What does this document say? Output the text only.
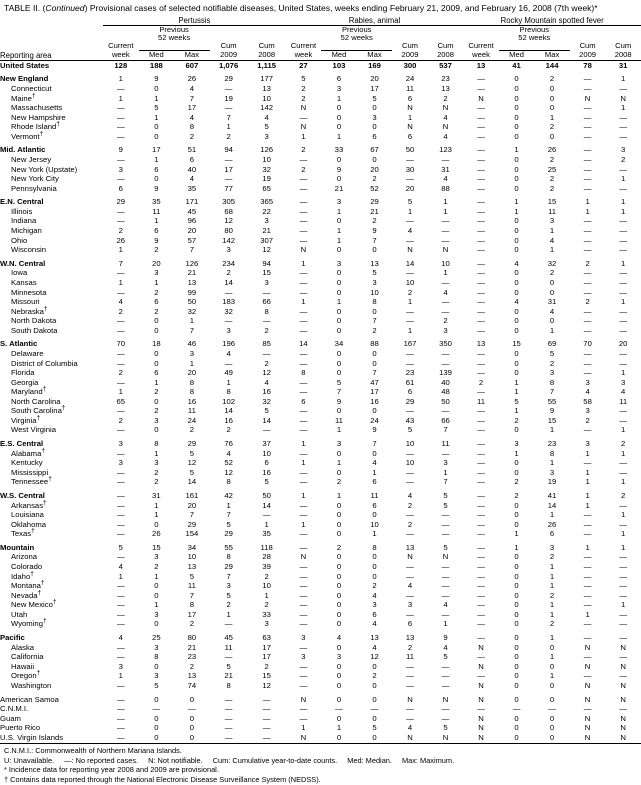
TABLE II. (Continued) Provisional cases of selected notifiable diseases, United States, weeks ending February 21, 2009, and February 16, 2008 (7th week)*
	Pertussis					Rabies, animal					Rocky Mountain spotted fever				
		Previous
52 weeks					Previous
52 weeks					Previous
52 weeks			
	Current			Cum	Cum	Current			Cum	Cum	Current			Cum	Cum
Reporting area	week	Med	Max	2009	2008	week	Med	Max	2009	2008	week	Med	Max	2009	2008

United States	128	188	607	1,076	1,115	27	103	169	300	537	13	41	144	78	31

New England	1	9	26	29	177	5	6	20	24	23	—	0	2	—	1
Connecticut	—	0	4	—	13	2	3	17	11	13	—	0	0	—	—
Maine†	1	1	7	19	10	2	1	5	6	2	N	0	0	N	N
Massachusetts	—	5	17	—	142	N	0	0	N	N	—	0	0	—	1
New Hampshire	—	1	4	7	4	—	0	3	1	4	—	0	1	—	—
Rhode Island†	—	0	8	1	5	N	0	0	N	N	—	0	2	—	—
Vermont†	—	0	2	2	3	1	1	6	6	4	—	0	0	—	—

Mid. Atlantic	9	17	51	94	126	2	33	67	50	123	—	1	26	—	3
New Jersey	—	1	6	—	10	—	0	0	—	—	—	0	2	—	2
New York (Upstate)	3	6	40	17	32	2	9	20	30	31	—	0	25	—	—
New York City	—	0	4	—	19	—	0	2	—	4	—	0	2	—	1
Pennsylvania	6	9	35	77	65	—	21	52	20	88	—	0	2	—	—

E.N. Central	29	35	171	305	365	—	3	29	5	1	—	1	15	1	1
Illinois	—	11	45	68	22	—	1	21	1	1	—	1	11	1	1
Indiana	—	1	96	12	3	—	0	2	—	—	—	0	3	—	—
Michigan	2	6	20	80	21	—	1	9	4	—	—	0	1	—	—
Ohio	26	9	57	142	307	—	1	7	—	—	—	0	4	—	—
Wisconsin	1	2	7	3	12	N	0	0	N	N	—	0	1	—	—

W.N. Central	7	20	126	234	94	1	3	13	14	10	—	4	32	2	1
Iowa	—	3	21	2	15	—	0	5	—	1	—	0	2	—	—
Kansas	1	1	13	14	3	—	0	3	10	—	—	0	0	—	—
Minnesota	—	2	99	—	—	—	0	10	2	4	—	0	0	—	—
Missouri	4	6	50	183	66	1	1	8	1	—	—	4	31	2	1
Nebraska†	2	2	32	32	8	—	0	0	—	—	—	0	4	—	—
North Dakota	—	0	1	—	—	—	0	7	—	2	—	0	0	—	—
South Dakota	—	0	7	3	2	—	0	2	1	3	—	0	1	—	—

S. Atlantic	70	18	46	196	85	14	34	88	167	350	13	15	69	70	20
Delaware	—	0	3	4	—	—	0	0	—	—	—	0	5	—	—
District of Columbia	—	0	1	—	2	—	0	0	—	—	—	0	2	—	—
Florida	2	6	20	49	12	8	0	7	23	139	—	0	3	—	1
Georgia	—	1	8	1	4	—	5	47	61	40	2	1	8	3	3
Maryland†	1	2	8	8	16	—	7	17	6	48	—	1	7	4	4
North Carolina	65	0	16	102	32	6	9	16	29	50	11	5	55	58	11
South Carolina†	—	2	11	14	5	—	0	0	—	—	—	1	9	3	—
Virginia†	2	3	24	16	14	—	11	24	43	66	—	2	15	2	—
West Virginia	—	0	2	2	—	—	1	9	5	7	—	0	1	—	1

E.S. Central	3	8	29	76	37	1	3	7	10	11	—	3	23	3	2
Alabama†	—	1	5	4	10	—	0	0	—	—	—	1	8	1	1
Kentucky	3	3	12	52	6	1	1	4	10	3	—	0	1	—	—
Mississippi	—	2	5	12	16	—	0	1	—	1	—	0	3	1	—
Tennessee†	—	2	14	8	5	—	2	6	—	7	—	2	19	1	1

W.S. Central	—	31	161	42	50	1	1	11	4	5	—	2	41	1	2
Arkansas†	—	1	20	1	14	—	0	6	2	5	—	0	14	1	—
Louisiana	—	1	7	7	—	—	0	0	—	—	—	0	1	—	1
Oklahoma	—	0	29	5	1	1	0	10	2	—	—	0	26	—	—
Texas†	—	26	154	29	35	—	0	1	—	—	—	1	6	—	1

Mountain	5	15	34	55	118	—	2	8	13	5	—	1	3	1	1
Arizona	—	3	10	8	28	N	0	0	N	N	—	0	2	—	—
Colorado	4	2	13	29	39	—	0	0	—	—	—	0	1	—	—
Idaho†	1	1	5	7	2	—	0	0	—	—	—	0	1	—	—
Montana†	—	0	11	3	10	—	0	2	4	—	—	0	1	—	—
Nevada†	—	0	7	5	1	—	0	4	—	—	—	0	2	—	—
New Mexico†	—	1	8	2	2	—	0	3	3	4	—	0	1	—	1
Utah	—	3	17	1	33	—	0	6	—	—	—	0	1	1	—
Wyoming†	—	0	2	—	3	—	0	4	6	1	—	0	2	—	—

Pacific	4	25	80	45	63	3	4	13	13	9	—	0	1	—	—
Alaska	—	3	21	11	17	—	0	4	2	4	N	0	0	N	N
California	—	8	23	—	17	3	3	12	11	5	—	0	1	—	—
Hawaii	3	0	2	5	2	—	0	0	—	—	N	0	0	N	N
Oregon†	1	3	13	21	15	—	0	2	—	—	—	0	1	—	—
Washington	—	5	74	8	12	—	0	0	—	—	N	0	0	N	N

American Samoa	—	0	0	—	—	N	0	0	N	N	N	0	0	N	N
C.N.M.I.	—	—	—	—	—	—	—	—	—	—	—	—	—	—	—
Guam	—	0	0	—	—	—	0	0	—	—	N	0	0	N	N
Puerto Rico	—	0	0	—	—	1	1	5	4	5	N	0	0	N	N
U.S. Virgin Islands	—	0	0	—	—	N	0	0	N	N	N	0	0	N	N
C.N.M.I.: Commonwealth of Northern Mariana Islands.
U: Unavailable. —: No reported cases. N: Not notifiable. Cum: Cumulative year-to-date counts. Med: Median. Max: Maximum.
* Incidence data for reporting year 2008 and 2009 are provisional.
† Contains data reported through the National Electronic Disease Surveillance System (NEDSS).
